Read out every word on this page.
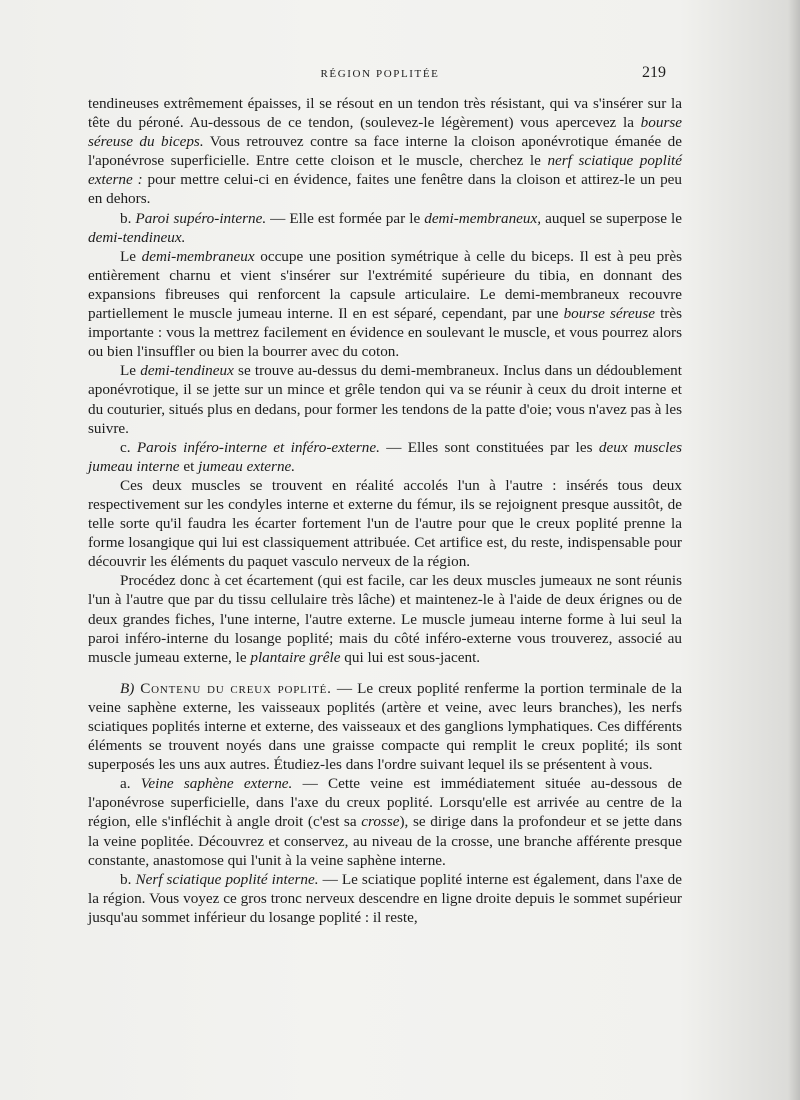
RÉGION POPLITÉE	219

tendineuses extrêmement épaisses, il se résout en un tendon très résistant, qui va s'insérer sur la tête du péroné. Au-dessous de ce tendon, (soulevez-le légèrement) vous apercevez la bourse séreuse du biceps. Vous retrouvez contre sa face interne la cloison aponévrotique émanée de l'aponévrose superficielle. Entre cette cloison et le muscle, cherchez le nerf sciatique poplité externe : pour mettre celui-ci en évidence, faites une fenêtre dans la cloison et attirez-le un peu en dehors.

b. Paroi supéro-interne. — Elle est formée par le demi-membraneux, auquel se superpose le demi-tendineux.

Le demi-membraneux occupe une position symétrique à celle du biceps. Il est à peu près entièrement charnu et vient s'insérer sur l'extrémité supérieure du tibia, en donnant des expansions fibreuses qui renforcent la capsule articulaire. Le demi-membraneux recouvre partiellement le muscle jumeau interne. Il en est séparé, cependant, par une bourse séreuse très importante : vous la mettrez facilement en évidence en soulevant le muscle, et vous pourrez alors ou bien l'insuffler ou bien la bourrer avec du coton.

Le demi-tendineux se trouve au-dessus du demi-membraneux. Inclus dans un dédoublement aponévrotique, il se jette sur un mince et grêle tendon qui va se réunir à ceux du droit interne et du couturier, situés plus en dedans, pour former les tendons de la patte d'oie; vous n'avez pas à les suivre.

c. Parois inféro-interne et inféro-externe. — Elles sont constituées par les deux muscles jumeau interne et jumeau externe.

Ces deux muscles se trouvent en réalité accolés l'un à l'autre : insérés tous deux respectivement sur les condyles interne et externe du fémur, ils se rejoignent presque aussitôt, de telle sorte qu'il faudra les écarter fortement l'un de l'autre pour que le creux poplité prenne la forme losangique qui lui est classiquement attribuée. Cet artifice est, du reste, indispensable pour découvrir les éléments du paquet vasculo nerveux de la région.

Procédez donc à cet écartement (qui est facile, car les deux muscles jumeaux ne sont réunis l'un à l'autre que par du tissu cellulaire très lâche) et maintenez-le à l'aide de deux érignes ou de deux grandes fiches, l'une interne, l'autre externe. Le muscle jumeau interne forme à lui seul la paroi inféro-interne du losange poplité; mais du côté inféro-externe vous trouverez, associé au muscle jumeau externe, le plantaire grêle qui lui est sous-jacent.

B) Contenu du creux poplité. — Le creux poplité renferme la portion terminale de la veine saphène externe, les vaisseaux poplités (artère et veine, avec leurs branches), les nerfs sciatiques poplités interne et externe, des vaisseaux et des ganglions lymphatiques. Ces différents éléments se trouvent noyés dans une graisse compacte qui remplit le creux poplité; ils sont superposés les uns aux autres. Étudiez-les dans l'ordre suivant lequel ils se présentent à vous.

a. Veine saphène externe. — Cette veine est immédiatement située au-dessous de l'aponévrose superficielle, dans l'axe du creux poplité. Lorsqu'elle est arrivée au centre de la région, elle s'infléchit à angle droit (c'est sa crosse), se dirige dans la profondeur et se jette dans la veine poplitée. Découvrez et conservez, au niveau de la crosse, une branche afférente presque constante, anastomose qui l'unit à la veine saphène interne.

b. Nerf sciatique poplité interne. — Le sciatique poplité interne est également, dans l'axe de la région. Vous voyez ce gros tronc nerveux descendre en ligne droite depuis le sommet supérieur jusqu'au sommet inférieur du losange poplité : il reste,
